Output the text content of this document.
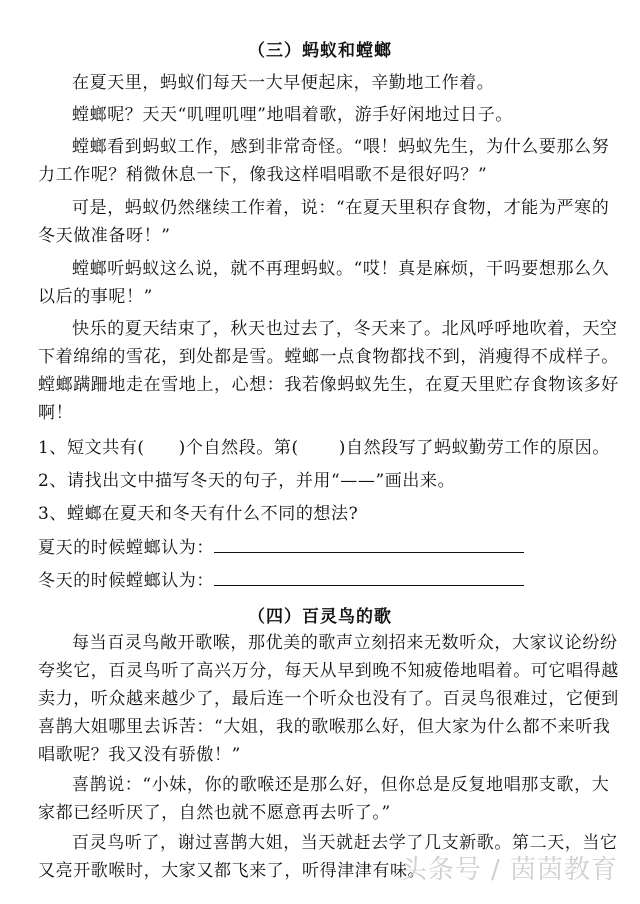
（三）蚂蚁和螳螂
在夏天里，蚂蚁们每天一大早便起床，辛勤地工作着。
螳螂呢？天天“叽哩叽哩”地唱着歌，游手好闲地过日子。
螳螂看到蚂蚁工作，感到非常奇怪。“喂！蚂蚁先生，为什么要那么努
力工作呢？稍微休息一下，像我这样唱唱歌不是很好吗？”
可是，蚂蚁仍然继续工作着，说：“在夏天里积存食物，才能为严寒的
冬天做准备呀！”
螳螂听蚂蚁这么说，就不再理蚂蚁。“哎！真是麻烦，干吗要想那么久
以后的事呢！”
快乐的夏天结束了，秋天也过去了，冬天来了。北风呼呼地吹着，天空
下着绵绵的雪花，到处都是雪。螳螂一点食物都找不到，消瘦得不成样子。
螳螂蹒跚地走在雪地上，心想：我若像蚂蚁先生，在夏天里贮存食物该多好
啊！
1、短文共有( )个自然段。第( )自然段写了蚂蚁勤劳工作的原因。
2、请找出文中描写冬天的句子，并用“——”画出来。
3、螳螂在夏天和冬天有什么不同的想法?
夏天的时候螳螂认为：
冬天的时候螳螂认为：
（四）百灵鸟的歌
每当百灵鸟敞开歌喉，那优美的歌声立刻招来无数听众，大家议论纷纷
夸奖它，百灵鸟听了高兴万分，每天从早到晚不知疲倦地唱着。可它唱得越
卖力，听众越来越少了，最后连一个听众也没有了。百灵鸟很难过，它便到
喜鹊大姐哪里去诉苦：“大姐，我的歌喉那么好，但大家为什么都不来听我
唱歌呢？我又没有骄傲！”
喜鹊说：“小妹，你的歌喉还是那么好，但你总是反复地唱那支歌，大
家都已经听厌了，自然也就不愿意再去听了。”
百灵鸟听了，谢过喜鹊大姐，当天就赶去学了几支新歌。第二天，当它
又亮开歌喉时，大家又都飞来了，听得津津有味。
头条号 / 茵茵教育
